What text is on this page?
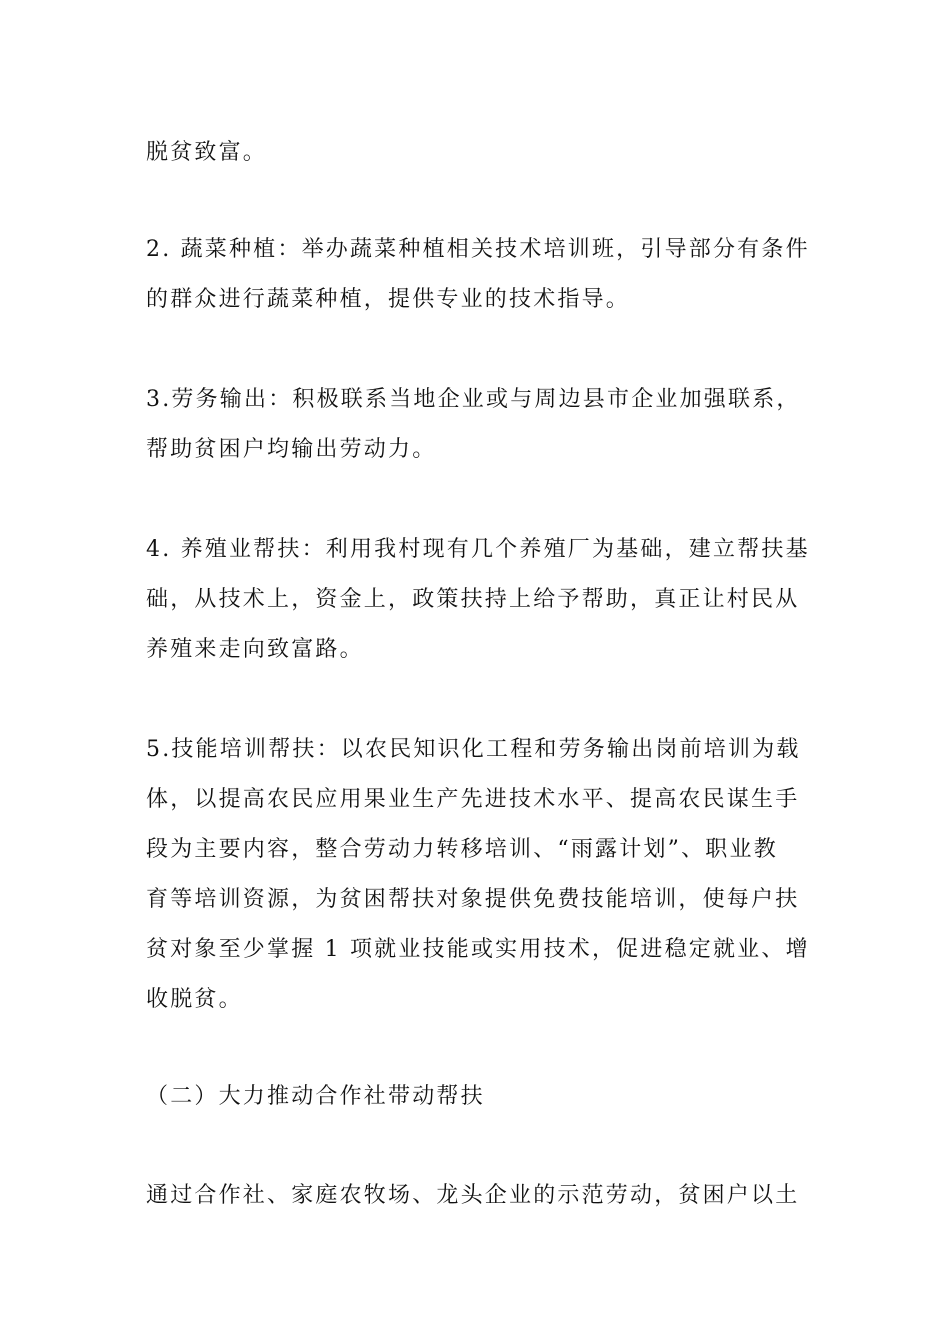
脱贫致富。
2. 蔬菜种植：举办蔬菜种植相关技术培训班，引导部分有条件
的群众进行蔬菜种植，提供专业的技术指导。
3.劳务输出：积极联系当地企业或与周边县市企业加强联系，
帮助贫困户均输出劳动力。
4. 养殖业帮扶：利用我村现有几个养殖厂为基础，建立帮扶基
础，从技术上，资金上，政策扶持上给予帮助，真正让村民从
养殖来走向致富路。
5.技能培训帮扶：以农民知识化工程和劳务输出岗前培训为载
体，以提高农民应用果业生产先进技术水平、提高农民谋生手
段为主要内容，整合劳动力转移培训、“雨露计划”、职业教
育等培训资源，为贫困帮扶对象提供免费技能培训，使每户扶
贫对象至少掌握 1 项就业技能或实用技术，促进稳定就业、增
收脱贫。
（二）大力推动合作社带动帮扶
通过合作社、家庭农牧场、龙头企业的示范劳动，贫困户以土
